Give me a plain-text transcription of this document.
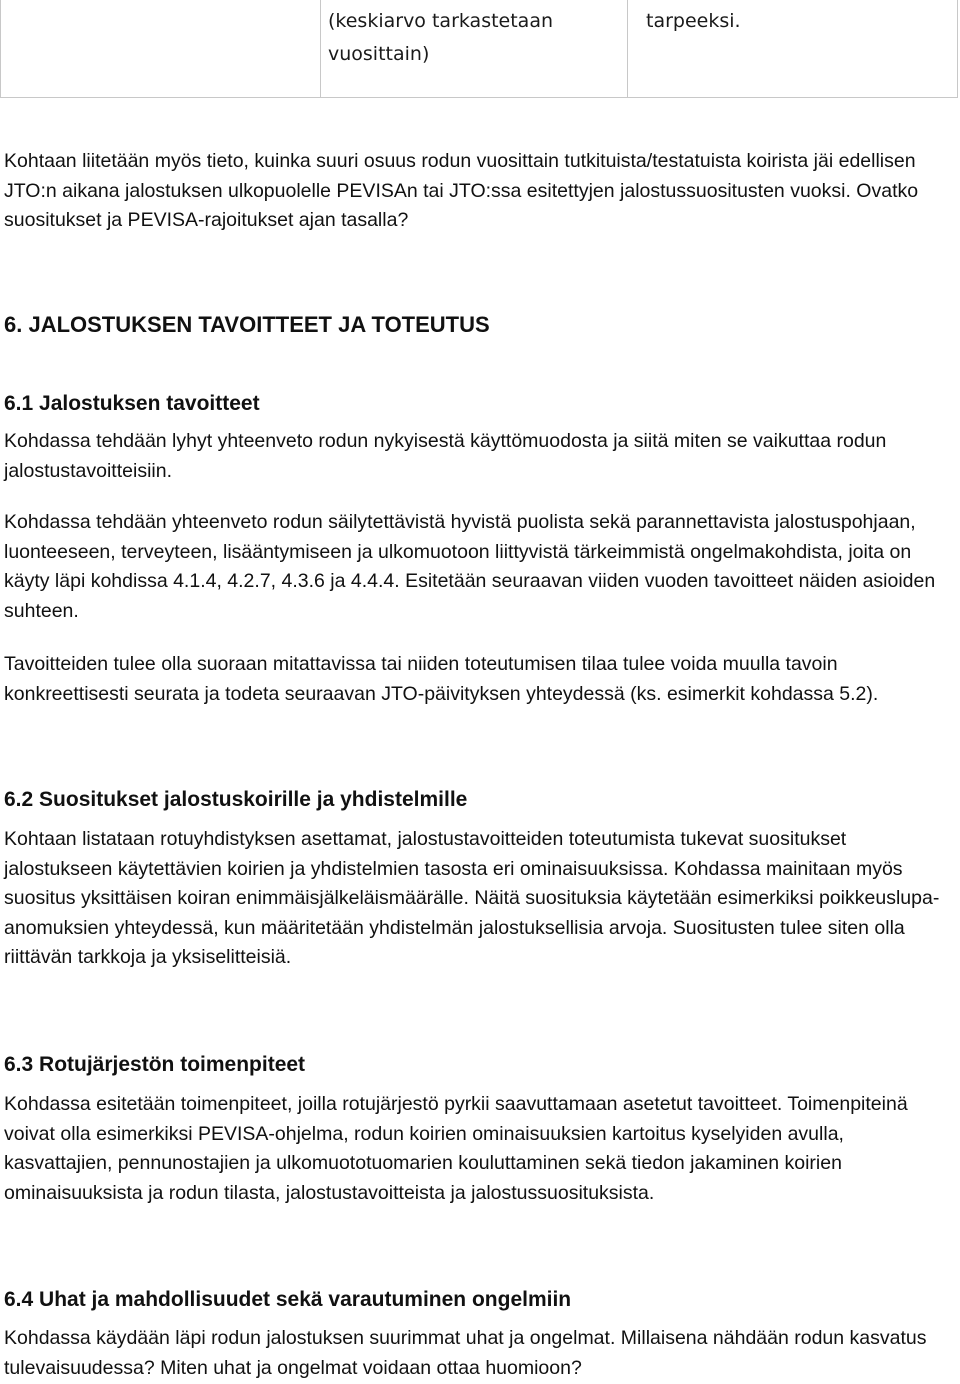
(keskiarvo tarkastetaan vuosittain)
tarpeeksi.

Kohtaan liitetään myös tieto, kuinka suuri osuus rodun vuosittain tutkituista/testatuista koirista jäi edellisen JTO:n aikana jalostuksen ulkopuolelle PEVISAn tai JTO:ssa esitettyjen jalostussuositusten vuoksi. Ovatko suositukset ja PEVISA-rajoitukset ajan tasalla?

6. JALOSTUKSEN TAVOITTEET JA TOTEUTUS
6.1 Jalostuksen tavoitteet

Kohdassa tehdään lyhyt yhteenveto rodun nykyisestä käyttömuodosta ja siitä miten se vaikuttaa rodun jalostustavoitteisiin.

Kohdassa tehdään yhteenveto rodun säilytettävistä hyvistä puolista sekä parannettavista jalostuspohjaan, luonteeseen, terveyteen, lisääntymiseen ja ulkomuotoon liittyvistä tärkeimmistä ongelmakohdista, joita on käyty läpi kohdissa 4.1.4, 4.2.7, 4.3.6 ja 4.4.4. Esitetään seuraavan viiden vuoden tavoitteet näiden asioiden suhteen.

Tavoitteiden tulee olla suoraan mitattavissa tai niiden toteutumisen tilaa tulee voida muulla tavoin konkreettisesti seurata ja todeta seuraavan JTO-päivityksen yhteydessä (ks. esimerkit kohdassa 5.2).

6.2 Suositukset jalostuskoirille ja yhdistelmille

Kohtaan listataan rotuyhdistyksen asettamat, jalostustavoitteiden toteutumista tukevat suositukset jalostukseen käytettävien koirien ja yhdistelmien tasosta eri ominaisuuksissa. Kohdassa mainitaan myös suositus yksittäisen koiran enimmäisjälkeläismäärälle. Näitä suosituksia käytetään esimerkiksi poikkeuslupa-anomuksien yhteydessä, kun määritetään yhdistelmän jalostuksellisia arvoja. Suositusten tulee siten olla riittävän tarkkoja ja yksiselitteisiä.

6.3 Rotujärjestön toimenpiteet

Kohdassa esitetään toimenpiteet, joilla rotujärjestö pyrkii saavuttamaan asetetut tavoitteet. Toimenpiteinä voivat olla esimerkiksi PEVISA-ohjelma, rodun koirien ominaisuuksien kartoitus kyselyiden avulla, kasvattajien, pennunostajien ja ulkomuototuomarien kouluttaminen sekä tiedon jakaminen koirien ominaisuuksista ja rodun tilasta, jalostustavoitteista ja jalostussuosituksista.

6.4 Uhat ja mahdollisuudet sekä varautuminen ongelmiin

Kohdassa käydään läpi rodun jalostuksen suurimmat uhat ja ongelmat. Millaisena nähdään rodun kasvatus tulevaisuudessa? Miten uhat ja ongelmat voidaan ottaa huomioon?
